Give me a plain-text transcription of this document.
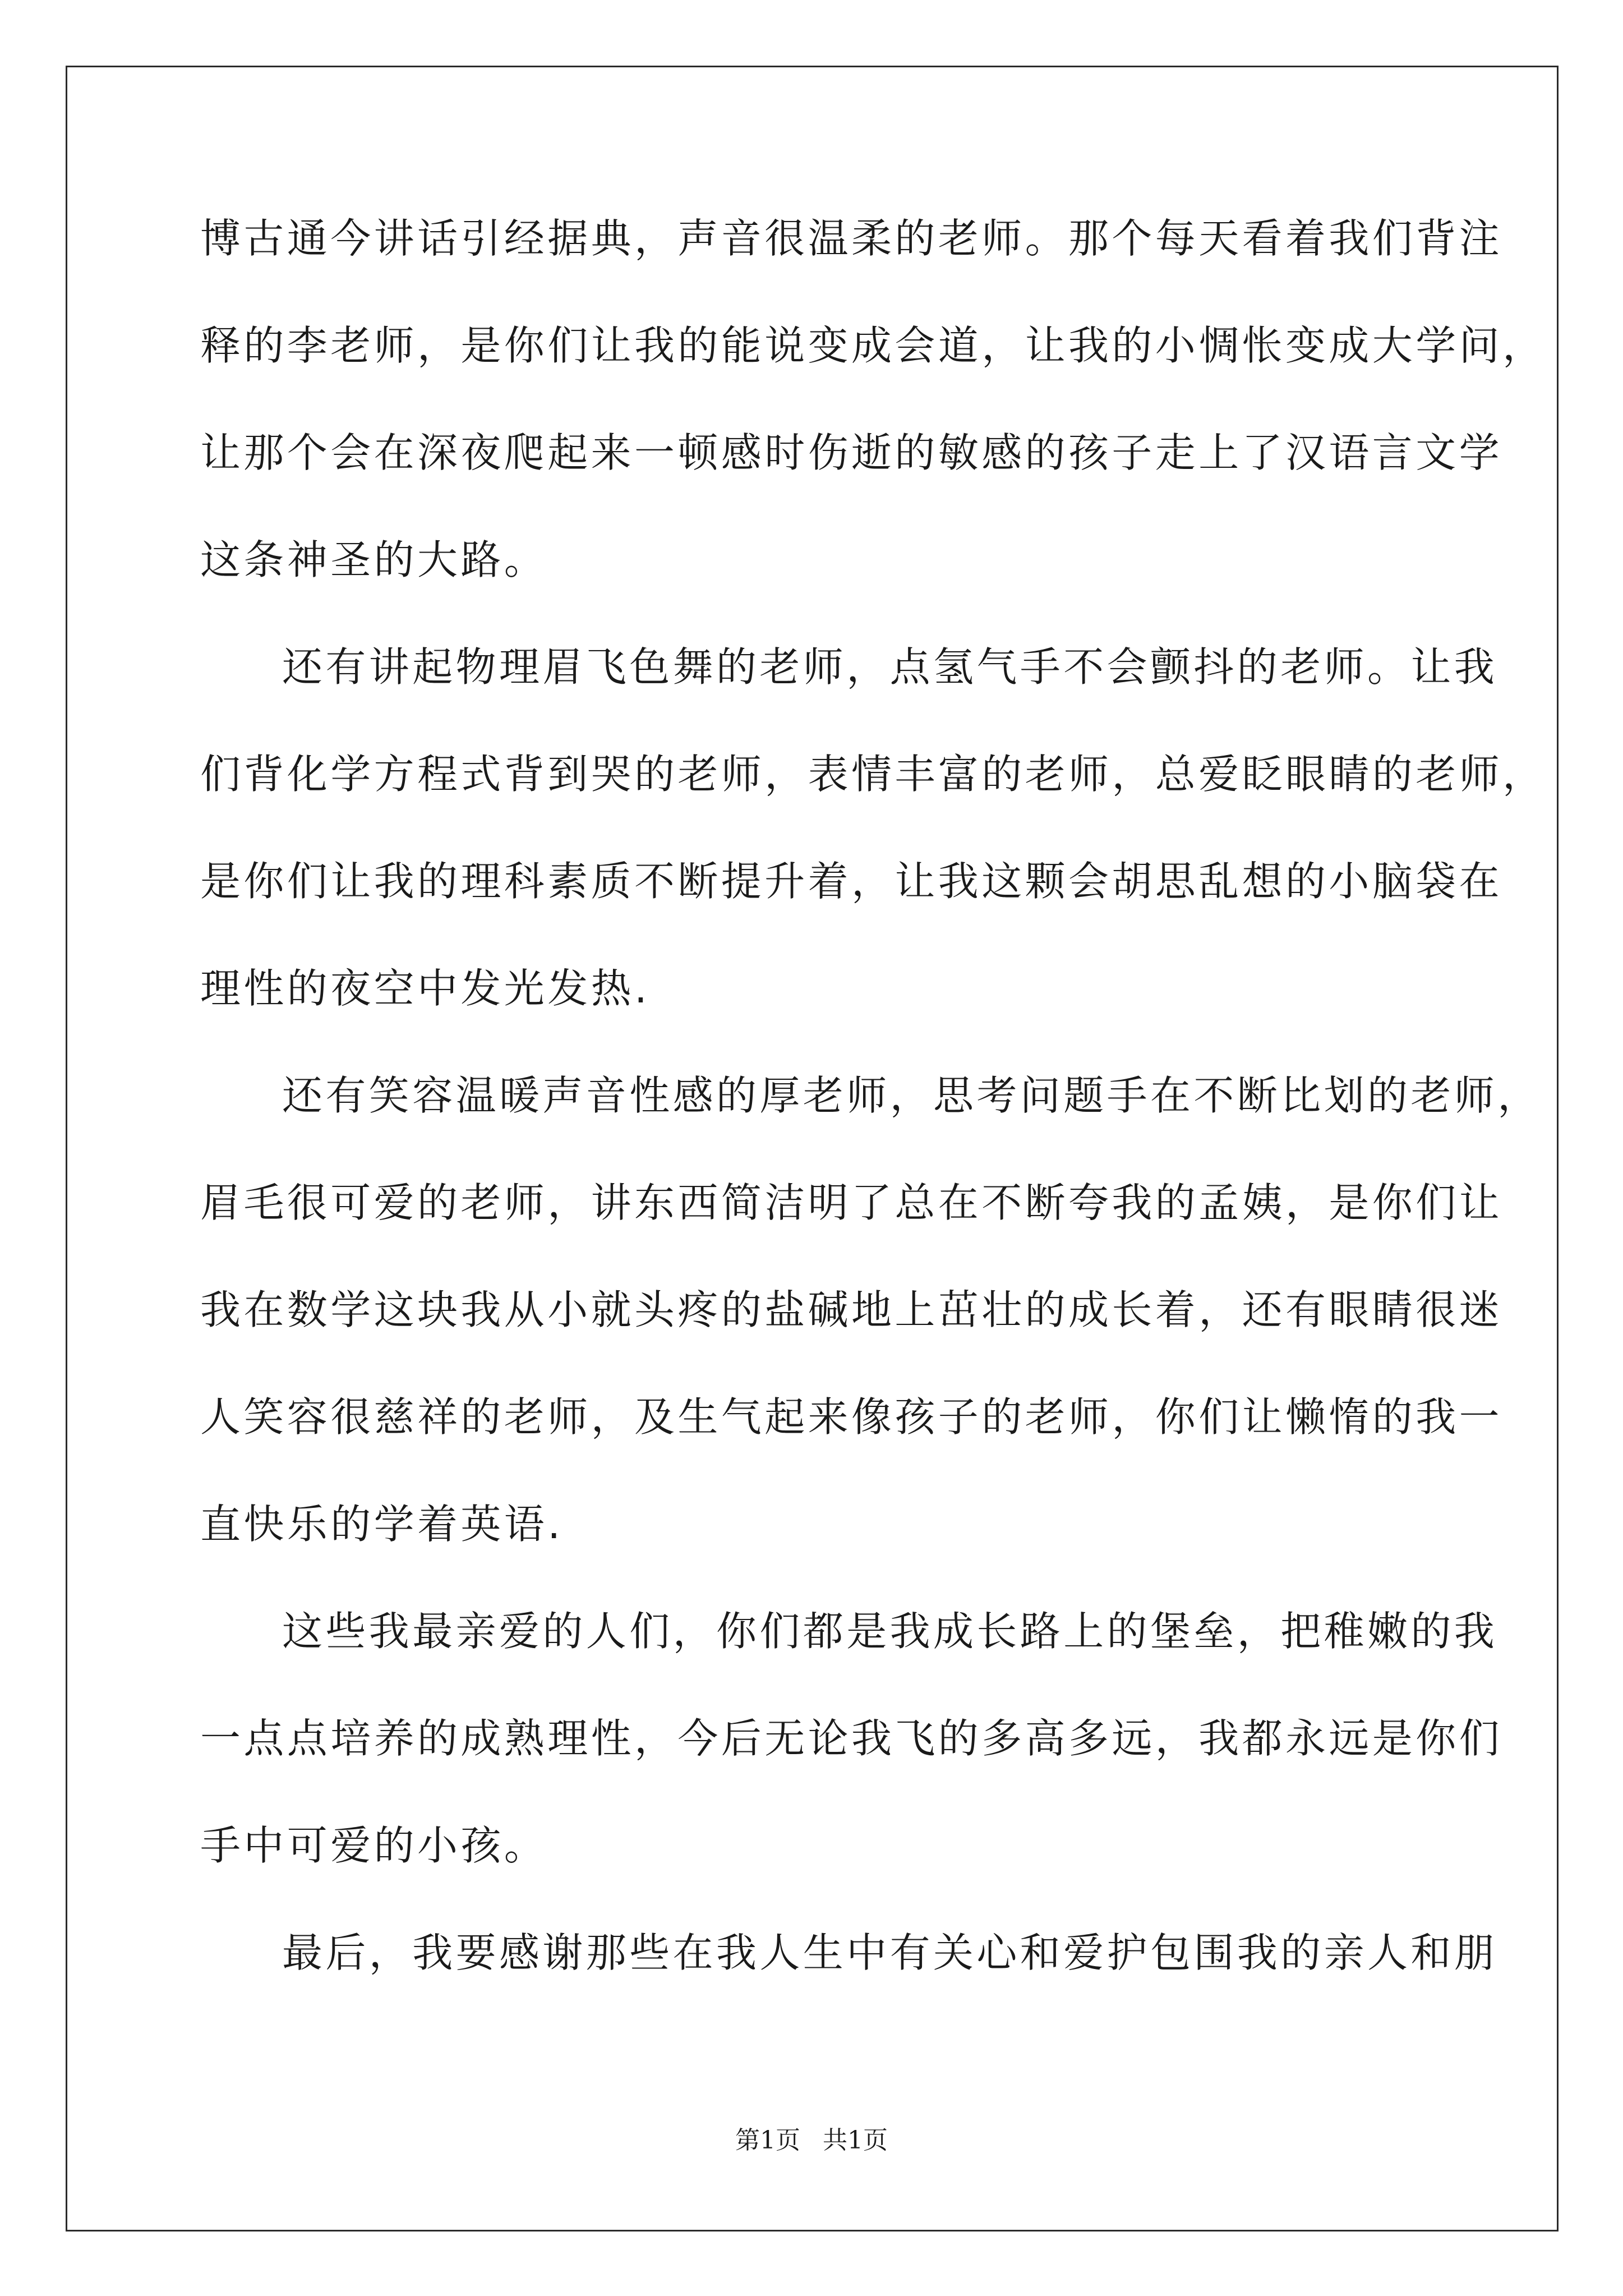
博古通今讲话引经据典，声音很温柔的老师。那个每天看着我们背注
释的李老师，是你们让我的能说变成会道，让我的小惆怅变成大学问，
让那个会在深夜爬起来一顿感时伤逝的敏感的孩子走上了汉语言文学
这条神圣的大路。
还有讲起物理眉飞色舞的老师，点氢气手不会颤抖的老师。让我
们背化学方程式背到哭的老师，表情丰富的老师，总爱眨眼睛的老师，
是你们让我的理科素质不断提升着，让我这颗会胡思乱想的小脑袋在
理性的夜空中发光发热.
还有笑容温暖声音性感的厚老师，思考问题手在不断比划的老师，
眉毛很可爱的老师，讲东西简洁明了总在不断夸我的孟姨，是你们让
我在数学这块我从小就头疼的盐碱地上茁壮的成长着，还有眼睛很迷
人笑容很慈祥的老师，及生气起来像孩子的老师，你们让懒惰的我一
直快乐的学着英语.
这些我最亲爱的人们，你们都是我成长路上的堡垒，把稚嫩的我
一点点培养的成熟理性，今后无论我飞的多高多远，我都永远是你们
手中可爱的小孩。
最后，我要感谢那些在我人生中有关心和爱护包围我的亲人和朋
第1页 共1页
